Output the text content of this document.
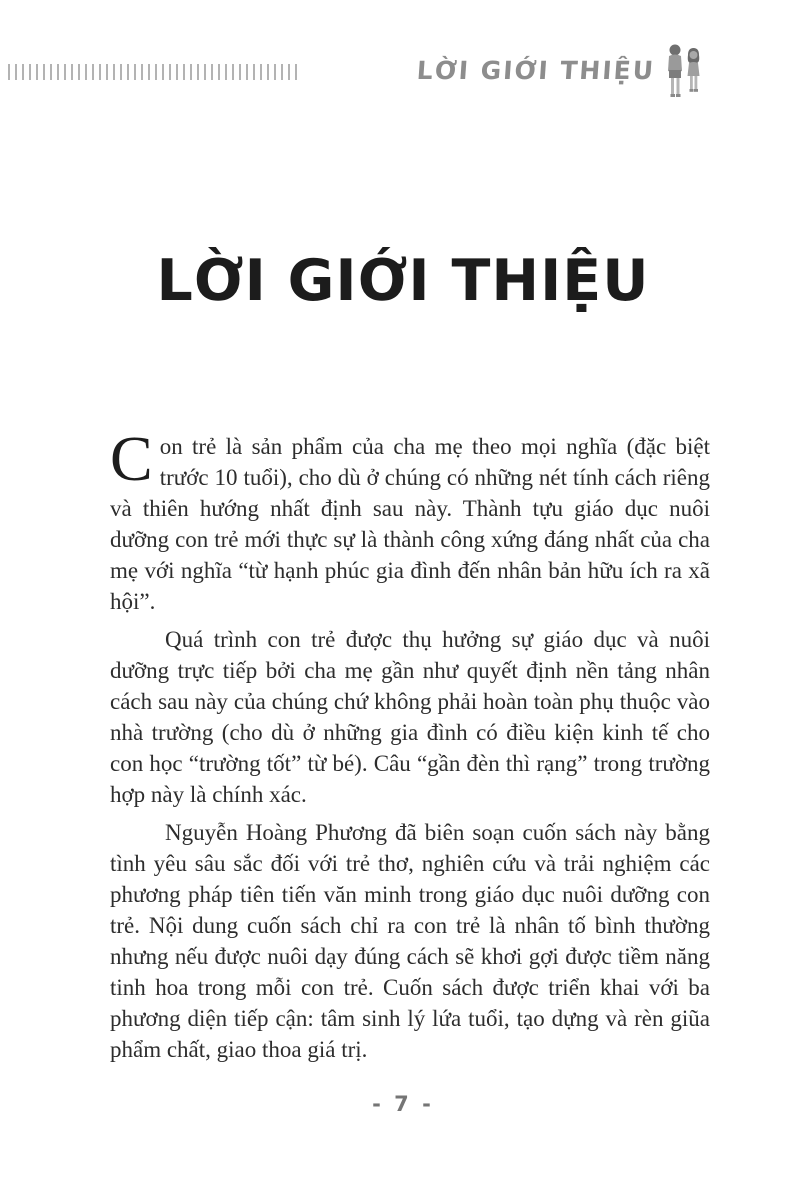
LỜI GIỚI THIỆU
LỜI GIỚI THIỆU

Con trẻ là sản phẩm của cha mẹ theo mọi nghĩa (đặc biệt trước 10 tuổi), cho dù ở chúng có những nét tính cách riêng và thiên hướng nhất định sau này. Thành tựu giáo dục nuôi dưỡng con trẻ mới thực sự là thành công xứng đáng nhất của cha mẹ với nghĩa “từ hạnh phúc gia đình đến nhân bản hữu ích ra xã hội”.

Quá trình con trẻ được thụ hưởng sự giáo dục và nuôi dưỡng trực tiếp bởi cha mẹ gần như quyết định nền tảng nhân cách sau này của chúng chứ không phải hoàn toàn phụ thuộc vào nhà trường (cho dù ở những gia đình có điều kiện kinh tế cho con học “trường tốt” từ bé). Câu “gần đèn thì rạng” trong trường hợp này là chính xác.

Nguyễn Hoàng Phương đã biên soạn cuốn sách này bằng tình yêu sâu sắc đối với trẻ thơ, nghiên cứu và trải nghiệm các phương pháp tiên tiến văn minh trong giáo dục nuôi dưỡng con trẻ. Nội dung cuốn sách chỉ ra con trẻ là nhân tố bình thường nhưng nếu được nuôi dạy đúng cách sẽ khơi gợi được tiềm năng tinh hoa trong mỗi con trẻ. Cuốn sách được triển khai với ba phương diện tiếp cận: tâm sinh lý lứa tuổi, tạo dựng và rèn giũa phẩm chất, giao thoa giá trị.

- 7 -
